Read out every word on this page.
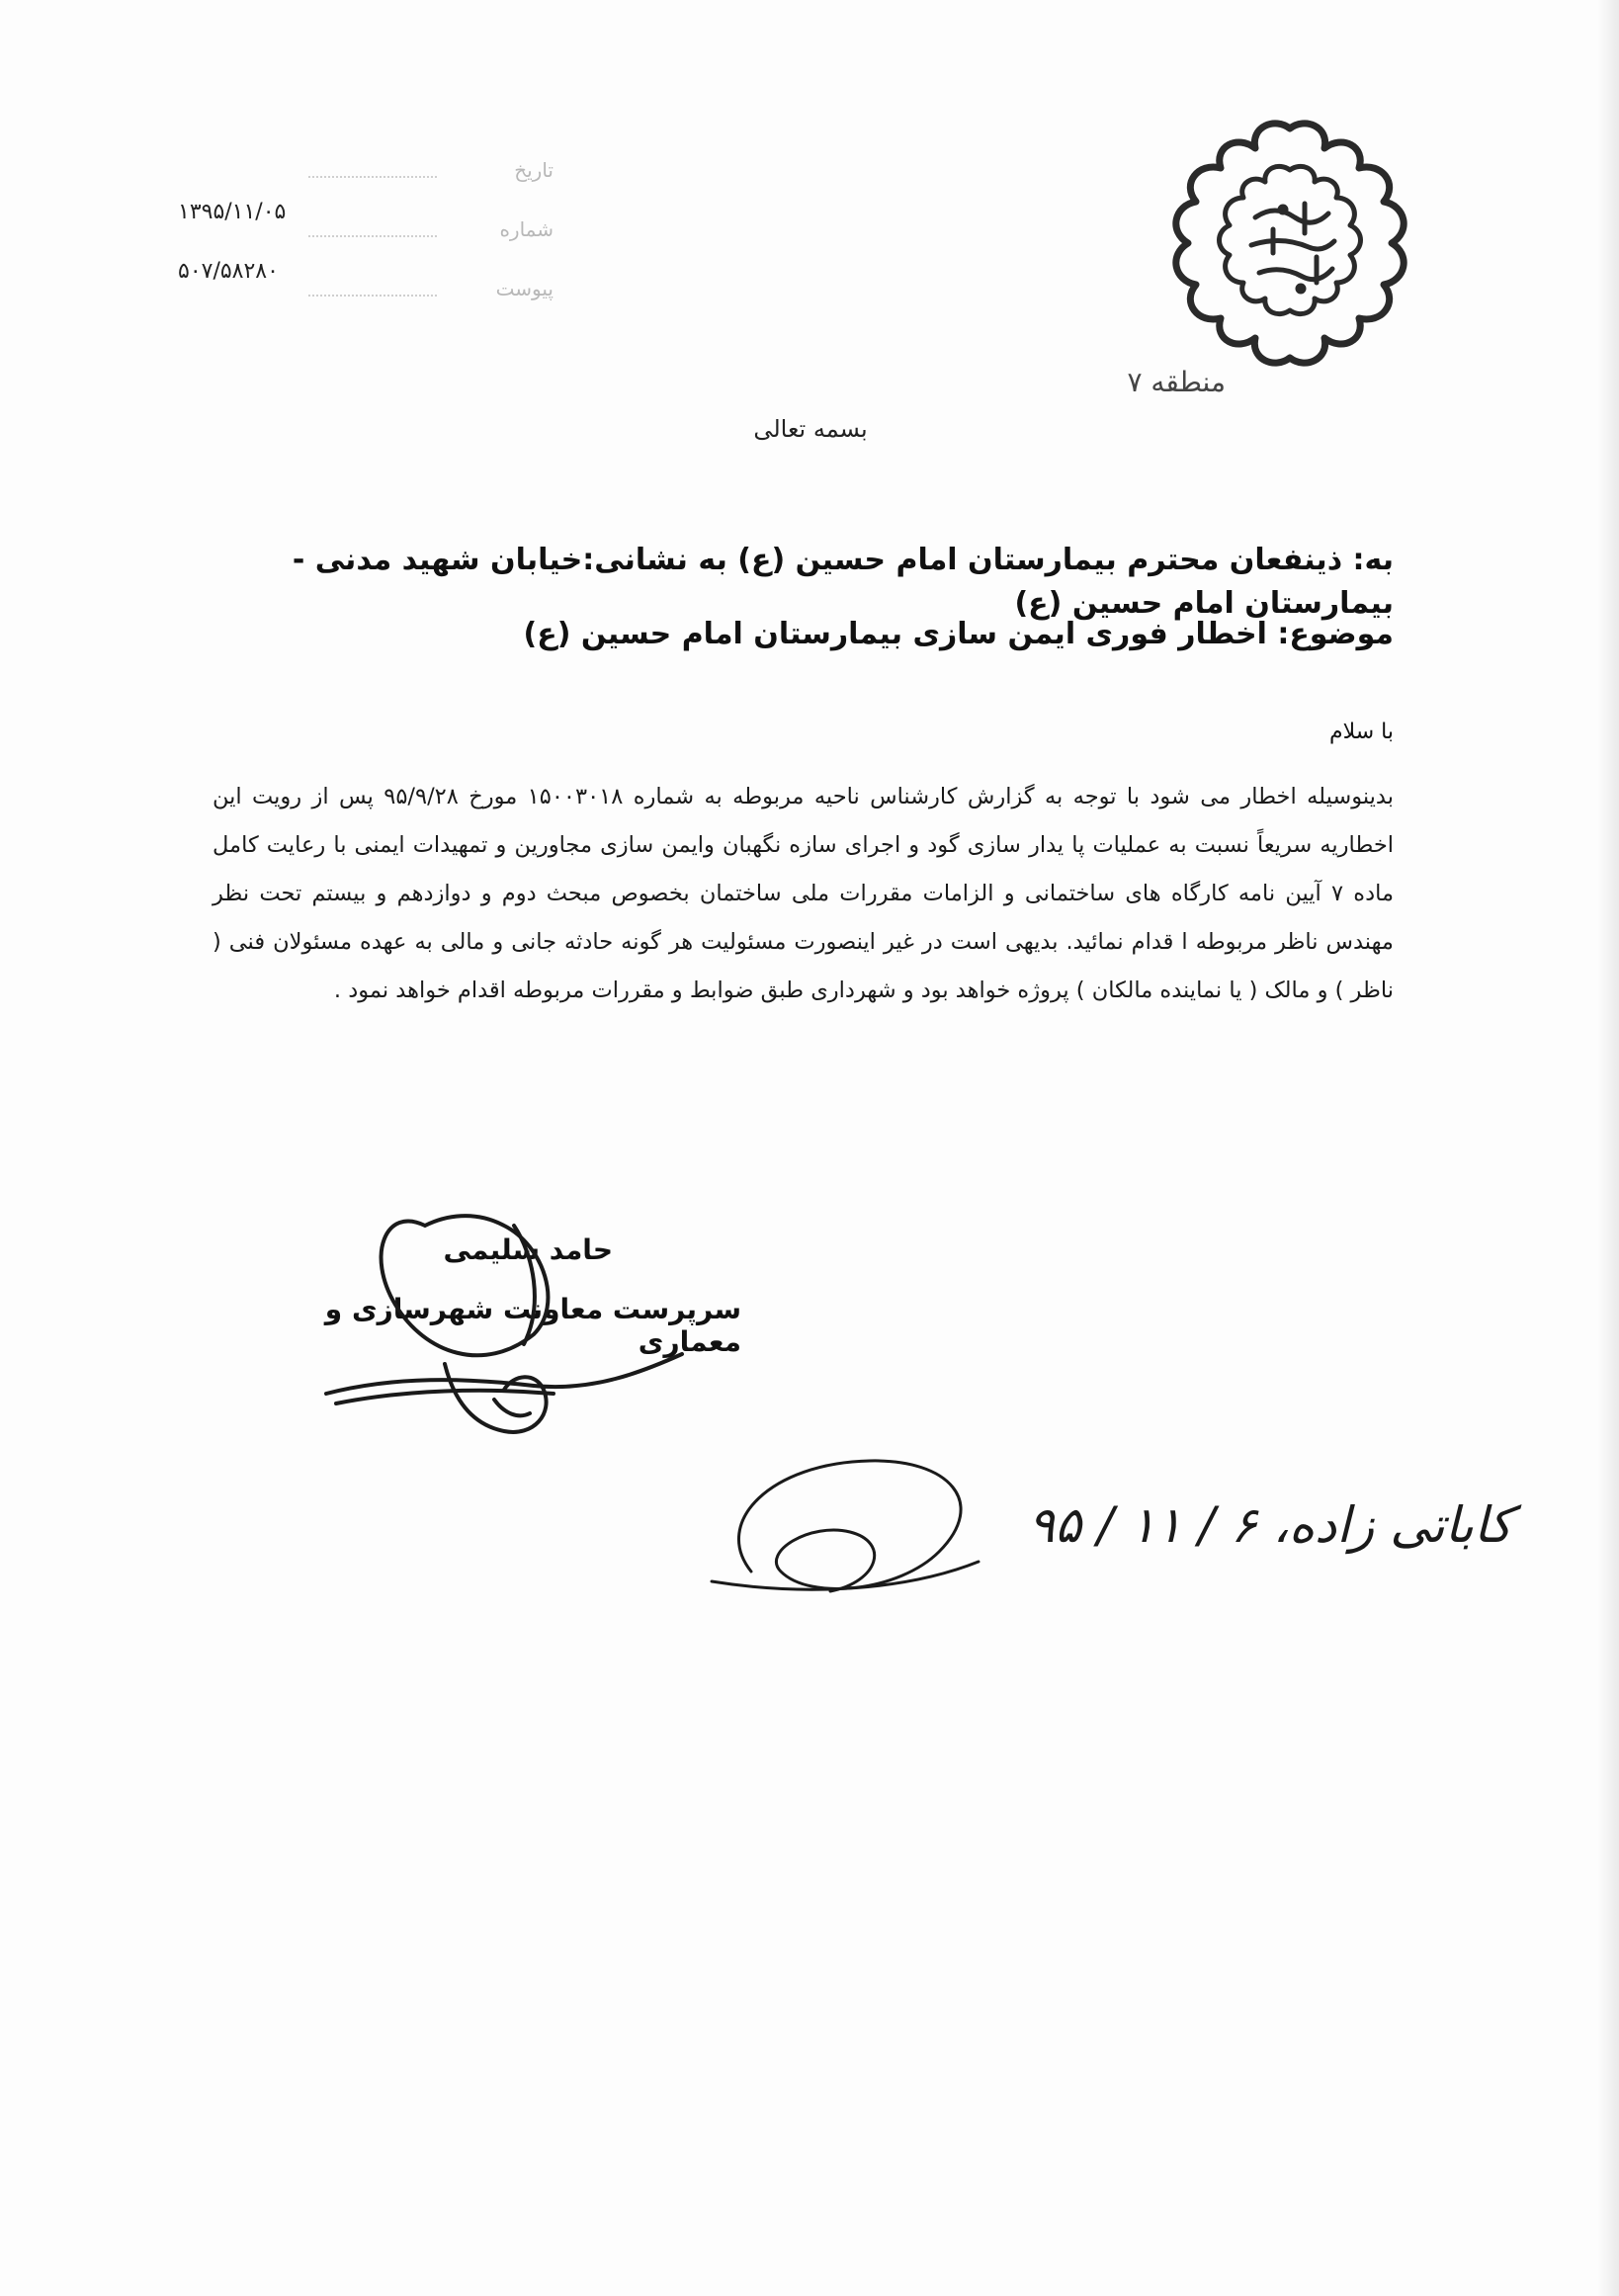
تاریخ
۱۳۹۵/۱۱/۰۵
شماره
۵۰۷/۵۸۲۸۰
پیوست
منطقه ۷
بسمه تعالی
به: ذینفعان محترم بیمارستان امام حسین (ع) به نشانی:خیابان شهید مدنی - بیمارستان امام حسین (ع)
موضوع: اخطار فوری ایمن سازی بیمارستان امام حسین (ع)
با سلام
بدینوسیله اخطار می شود با توجه به گزارش کارشناس ناحیه مربوطه به شماره ۱۵۰۰۳۰۱۸ مورخ ۹۵/۹/۲۸ پس از رویت این اخطاریه سریعاً نسبت به عملیات پا یدار سازی گود و اجرای سازه نگهبان وایمن سازی مجاورین و تمهیدات ایمنی با رعایت کامل ماده ۷ آیین نامه کارگاه های ساختمانی و الزامات مقررات ملی ساختمان بخصوص مبحث دوم و دوازدهم و بیستم تحت نظر مهندس ناظر مربوطه ا قدام نمائید. بدیهی است در غیر اینصورت مسئولیت هر گونه حادثه جانی و مالی به عهده مسئولان فنی ( ناظر ) و مالک ( یا نماینده مالکان ) پروژه خواهد بود و شهرداری طبق ضوابط و مقررات مربوطه اقدام خواهد نمود .
حامد سلیمی
سرپرست معاونت شهرسازی و معماری
کاباتی زاده، ۶ / ۱۱ / ۹۵
